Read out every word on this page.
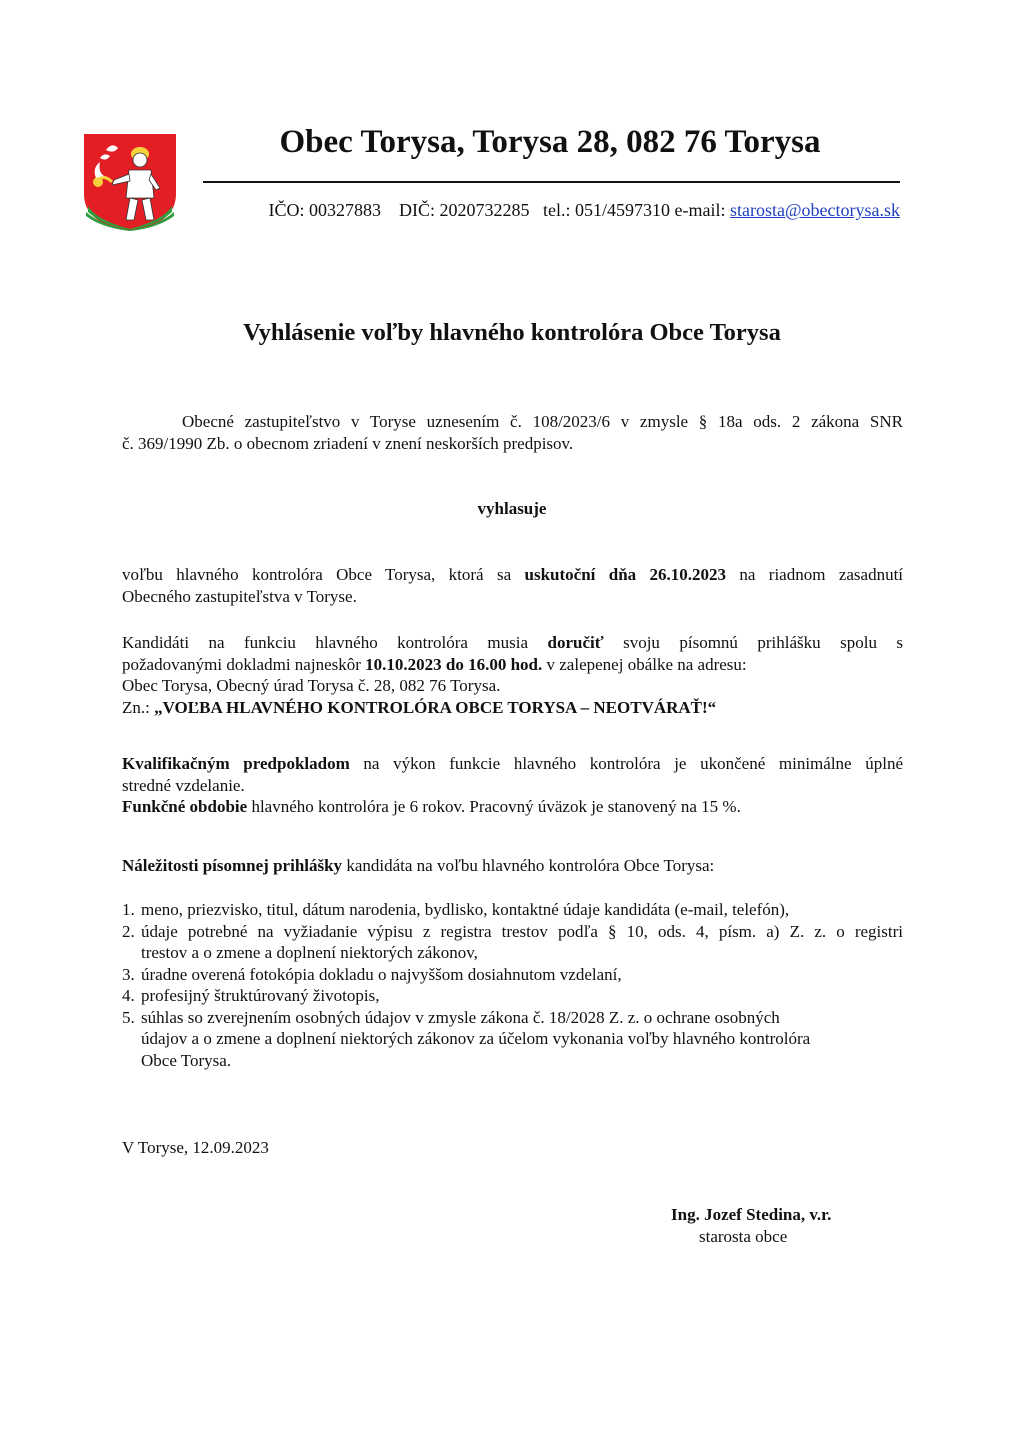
Obec Torysa, Torysa 28, 082 76 Torysa
IČO: 00327883 DIČ: 2020732285 tel.: 051/4597310 e-mail: starosta@obectorysa.sk
Vyhlásenie voľby hlavného kontrolóra Obce Torysa
Obecné zastupiteľstvo v Toryse uznesením č. 108/2023/6 v zmysle § 18a ods. 2 zákona SNR
č. 369/1990 Zb. o obecnom zriadení v znení neskorších predpisov.
vyhlasuje
voľbu hlavného kontrolóra Obce Torysa, ktorá sa uskutoční dňa 26.10.2023 na riadnom zasadnutí
Obecného zastupiteľstva v Toryse.
Kandidáti na funkciu hlavného kontrolóra musia doručiť svoju písomnú prihlášku spolu s
požadovanými dokladmi najneskôr 10.10.2023 do 16.00 hod. v zalepenej obálke na adresu:
Obec Torysa, Obecný úrad Torysa č. 28, 082 76 Torysa.
Zn.: „VOĽBA HLAVNÉHO KONTROLÓRA OBCE TORYSA – NEOTVÁRAŤ!“
Kvalifikačným predpokladom na výkon funkcie hlavného kontrolóra je ukončené minimálne úplné
stredné vzdelanie.
Funkčné obdobie hlavného kontrolóra je 6 rokov. Pracovný úväzok je stanovený na 15 %.
Náležitosti písomnej prihlášky kandidáta na voľbu hlavného kontrolóra Obce Torysa:
1. meno, priezvisko, titul, dátum narodenia, bydlisko, kontaktné údaje kandidáta (e-mail, telefón),
2. údaje potrebné na vyžiadanie výpisu z registra trestov podľa § 10, ods. 4, písm. a) Z. z. o registri
trestov a o zmene a doplnení niektorých zákonov,
3. úradne overená fotokópia dokladu o najvyššom dosiahnutom vzdelaní,
4. profesijný štruktúrovaný životopis,
5. súhlas so zverejnením osobných údajov v zmysle zákona č. 18/2028 Z. z. o ochrane osobných
údajov a o zmene a doplnení niektorých zákonov za účelom vykonania voľby hlavného kontrolóra
Obce Torysa.
V Toryse, 12.09.2023
Ing. Jozef Stedina, v.r.
starosta obce
